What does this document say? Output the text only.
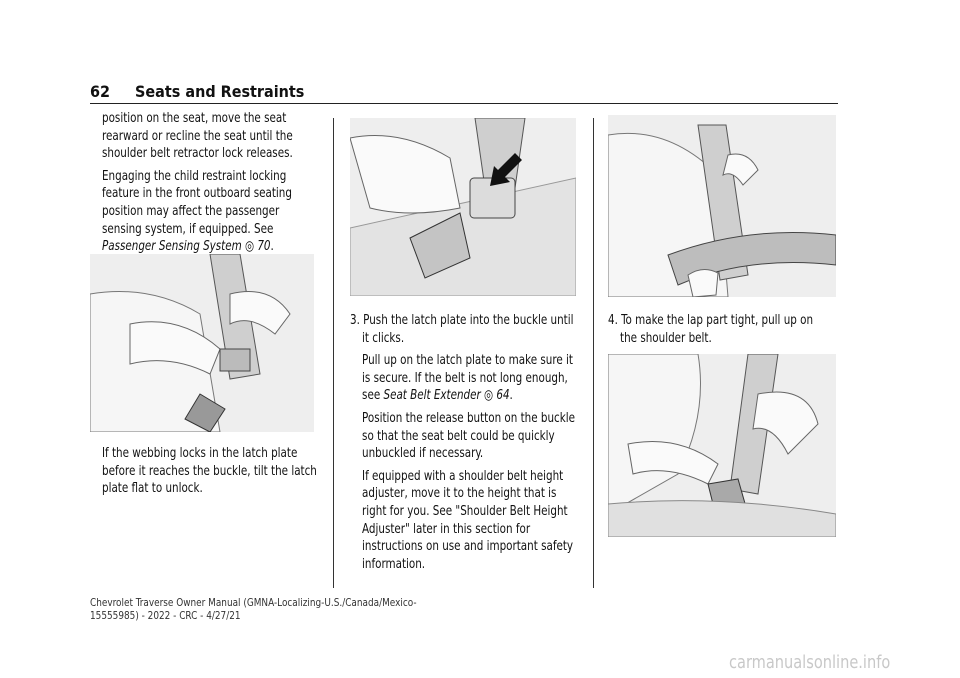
62 Seats and Restraints

position on the seat, move the seat rearward or recline the seat until the shoulder belt retractor lock releases.

Engaging the child restraint locking feature in the front outboard seating position may affect the passenger sensing system, if equipped. See Passenger Sensing System ◎ 70.

If the webbing locks in the latch plate before it reaches the buckle, tilt the latch plate flat to unlock.

3. Push the latch plate into the buckle until it clicks.

Pull up on the latch plate to make sure it is secure. If the belt is not long enough, see Seat Belt Extender ◎ 64.

Position the release button on the buckle so that the seat belt could be quickly unbuckled if necessary.

If equipped with a shoulder belt height adjuster, move it to the height that is right for you. See "Shoulder Belt Height Adjuster" later in this section for instructions on use and important safety information.

4. To make the lap part tight, pull up on the shoulder belt.

Chevrolet Traverse Owner Manual (GMNA-Localizing-U.S./Canada/Mexico-
15555985) - 2022 - CRC - 4/27/21
carmanualsonline.info
